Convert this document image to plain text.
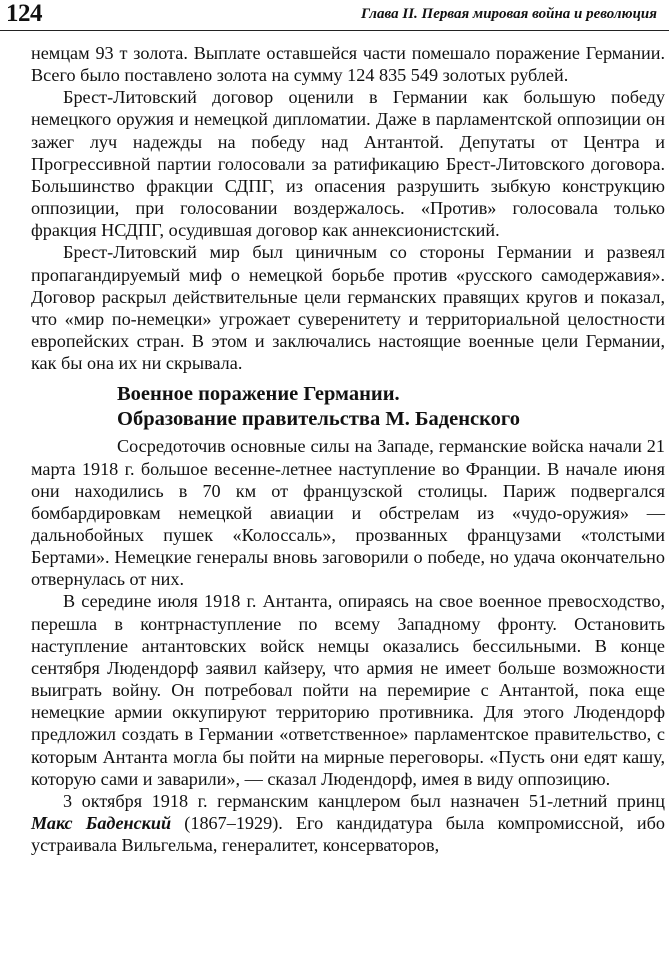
124	Глава II. Первая мировая война и революция

немцам 93 т золота. Выплате оставшейся части помешало поражение Германии. Всего было поставлено золота на сумму 124 835 549 золотых рублей.

Брест-Литовский договор оценили в Германии как большую победу немецкого оружия и немецкой дипломатии. Даже в парламентской оппозиции он зажег луч надежды на победу над Антантой. Депутаты от Центра и Прогрессивной партии голосовали за ратификацию Брест-Литовского договора. Большинство фракции СДПГ, из опасения разрушить зыбкую конструкцию оппозиции, при голосовании воздержалось. «Против» голосовала только фракция НСДПГ, осудившая договор как аннексионистский.

Брест-Литовский мир был циничным со стороны Германии и развеял пропагандируемый миф о немецкой борьбе против «русского самодержавия». Договор раскрыл действительные цели германских правящих кругов и показал, что «мир по-немецки» угрожает суверенитету и территориальной целостности европейских стран. В этом и заключались настоящие военные цели Германии, как бы она их ни скрывала.

Военное поражение Германии.
Образование правительства М. Баденского

Сосредоточив основные силы на Западе, германские войска начали 21 марта 1918 г. большое весенне-летнее наступление во Франции. В начале июня они находились в 70 км от французской столицы. Париж подвергался бомбардировкам немецкой авиации и обстрелам из «чудо-оружия» — дальнобойных пушек «Колоссаль», прозванных французами «толстыми Бертами». Немецкие генералы вновь заговорили о победе, но удача окончательно отвернулась от них.

В середине июля 1918 г. Антанта, опираясь на свое военное превосходство, перешла в контрнаступление по всему Западному фронту. Остановить наступление антантовских войск немцы оказались бессильными. В конце сентября Людендорф заявил кайзеру, что армия не имеет больше возможности выиграть войну. Он потребовал пойти на перемирие с Антантой, пока еще немецкие армии оккупируют территорию противника. Для этого Людендорф предложил создать в Германии «ответственное» парламентское правительство, с которым Антанта могла бы пойти на мирные переговоры. «Пусть они едят кашу, которую сами и заварили», — сказал Людендорф, имея в виду оппозицию.

3 октября 1918 г. германским канцлером был назначен 51-летний принц Макс Баденский (1867–1929). Его кандидатура была компромиссной, ибо устраивала Вильгельма, генералитет, консерваторов,
